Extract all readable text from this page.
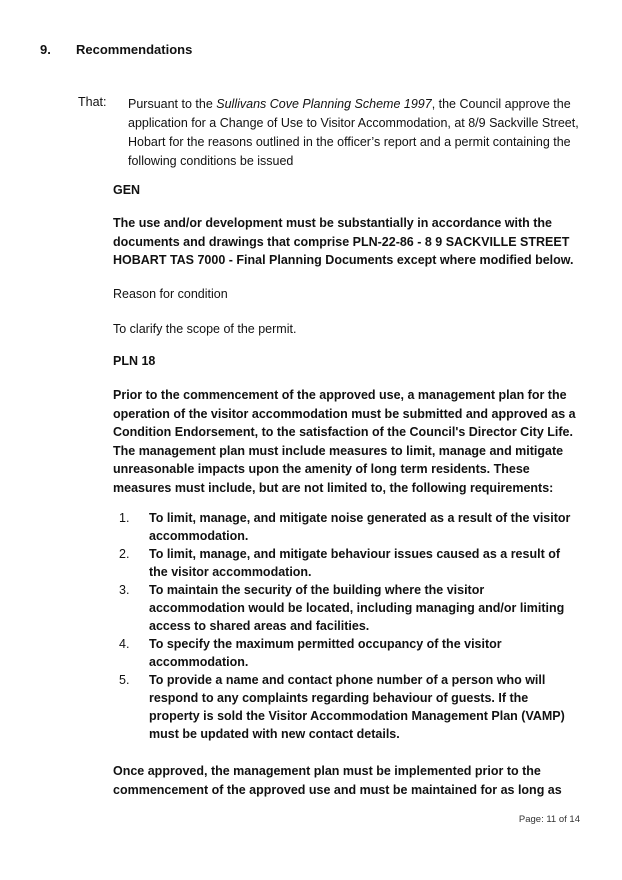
9. Recommendations
That: Pursuant to the Sullivans Cove Planning Scheme 1997, the Council approve the application for a Change of Use to Visitor Accommodation, at 8/9 Sackville Street, Hobart for the reasons outlined in the officer’s report and a permit containing the following conditions be issued
GEN
The use and/or development must be substantially in accordance with the documents and drawings that comprise PLN-22-86 - 8 9 SACKVILLE STREET HOBART TAS 7000 - Final Planning Documents except where modified below.
Reason for condition
To clarify the scope of the permit.
PLN 18
Prior to the commencement of the approved use, a management plan for the operation of the visitor accommodation must be submitted and approved as a Condition Endorsement, to the satisfaction of the Council's Director City Life. The management plan must include measures to limit, manage and mitigate unreasonable impacts upon the amenity of long term residents. These measures must include, but are not limited to, the following requirements:
1. To limit, manage, and mitigate noise generated as a result of the visitor accommodation.
2. To limit, manage, and mitigate behaviour issues caused as a result of the visitor accommodation.
3. To maintain the security of the building where the visitor accommodation would be located, including managing and/or limiting access to shared areas and facilities.
4. To specify the maximum permitted occupancy of the visitor accommodation.
5. To provide a name and contact phone number of a person who will respond to any complaints regarding behaviour of guests. If the property is sold the Visitor Accommodation Management Plan (VAMP) must be updated with new contact details.
Once approved, the management plan must be implemented prior to the commencement of the approved use and must be maintained for as long as
Page: 11 of 14
